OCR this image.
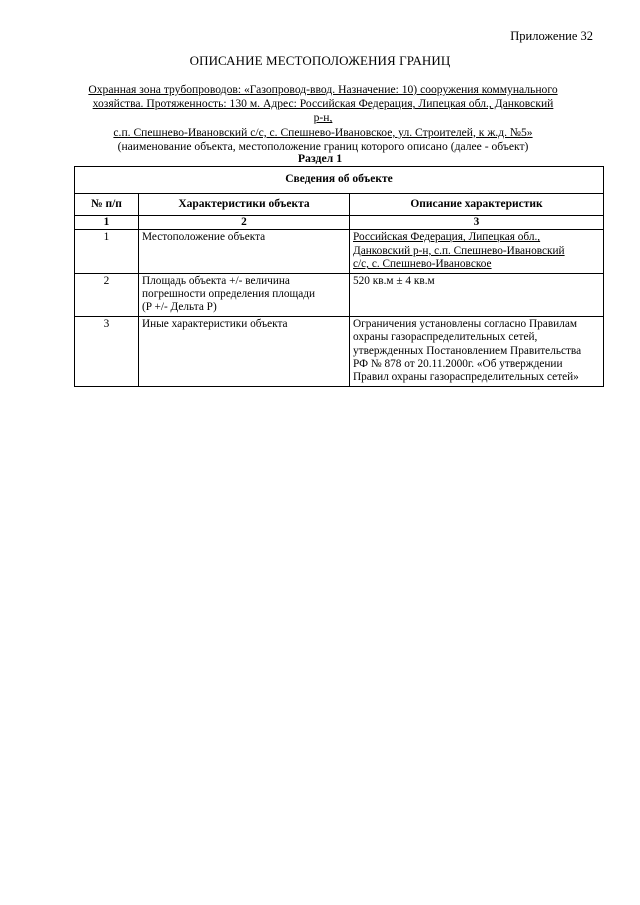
Приложение 32
ОПИСАНИЕ МЕСТОПОЛОЖЕНИЯ ГРАНИЦ
Охранная зона трубопроводов: «Газопровод-ввод. Назначение: 10) сооружения коммунального
хозяйства. Протяженность: 130 м. Адрес: Российская Федерация, Липецкая обл., Данковский р-н,
с.п. Спешнево-Ивановский с/с, с. Спешнево-Ивановское, ул. Строителей, к ж.д. №5»
(наименование объекта, местоположение границ которого описано (далее - объект)
Раздел 1
Сведения об объекте		
№ п/п	Характеристики объекта	Описание характеристик
1	2	3
1	Местоположение объекта	Российская Федерация, Липецкая обл.,
Данковский р-н, с.п. Спешнево-Ивановский
с/с, с. Спешнево-Ивановское

2	Площадь объекта +/- величина
погрешности определения площади
(P +/- Дельта P)	520 кв.м ± 4 кв.м
3	Иные характеристики объекта	Ограничения установлены согласно Правилам
охраны газораспределительных сетей,
утвержденных Постановлением Правительства
РФ № 878 от 20.11.2000г. «Об утверждении
Правил охраны газораспределительных сетей»
